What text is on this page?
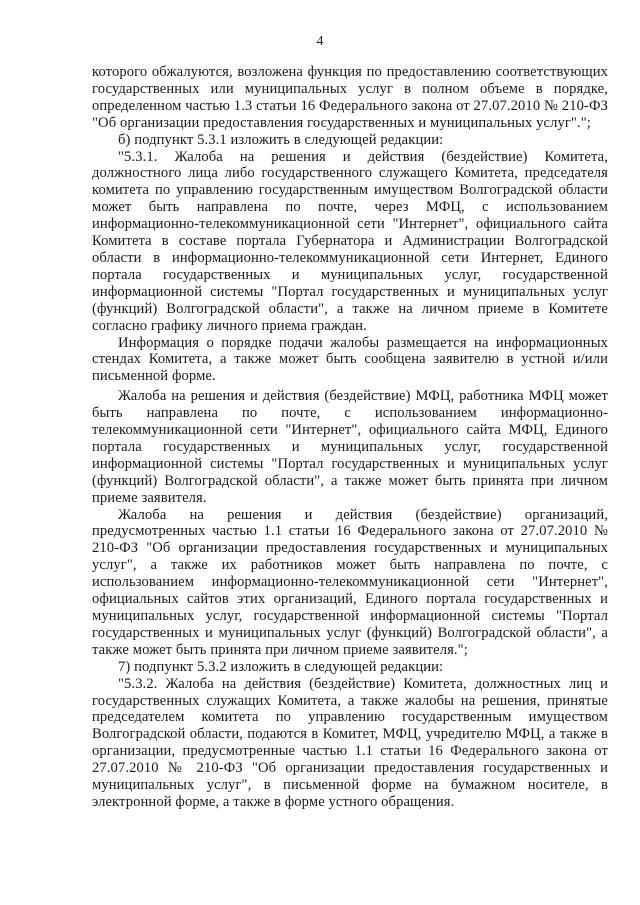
4

которого обжалуются, возложена функция по предоставлению соответствующих государственных или муниципальных услуг в полном объеме в порядке, определенном частью 1.3 статьи 16 Федерального закона от 27.07.2010 № 210-ФЗ "Об организации предоставления государственных и муниципальных услуг".";

б) подпункт 5.3.1 изложить в следующей редакции:

"5.3.1. Жалоба на решения и действия (бездействие) Комитета, должностного лица либо государственного служащего Комитета, председателя комитета по управлению государственным имуществом Волгоградской области может быть направлена по почте, через МФЦ, с использованием информационно-телекоммуникационной сети "Интернет", официального сайта Комитета в составе портала Губернатора и Администрации Волгоградской области в информационно-телекоммуникационной сети Интернет, Единого портала государственных и муниципальных услуг, государственной информационной системы "Портал государственных и муниципальных услуг (функций) Волгоградской области", а также на личном приеме в Комитете согласно графику личного приема граждан.

Информация о порядке подачи жалобы размещается на информационных стендах Комитета, а также может быть сообщена заявителю в устной и/или письменной форме.

Жалоба на решения и действия (бездействие) МФЦ, работника МФЦ может быть направлена по почте, с использованием информационно-телекоммуникационной сети "Интернет", официального сайта МФЦ, Единого портала государственных и муниципальных услуг, государственной информационной системы "Портал государственных и муниципальных услуг (функций) Волгоградской области", а также может быть принята при личном приеме заявителя.

Жалоба на решения и действия (бездействие) организаций, предусмотренных частью 1.1 статьи 16 Федерального закона от 27.07.2010 № 210-ФЗ "Об организации предоставления государственных и муниципальных услуг", а также их работников может быть направлена по почте, с использованием информационно-телекоммуникационной сети "Интернет", официальных сайтов этих организаций, Единого портала государственных и муниципальных услуг, государственной информационной системы "Портал государственных и муниципальных услуг (функций) Волгоградской области", а также может быть принята при личном приеме заявителя.";

7) подпункт 5.3.2 изложить в следующей редакции:

"5.3.2. Жалоба на действия (бездействие) Комитета, должностных лиц и государственных служащих Комитета, а также жалобы на решения, принятые председателем комитета по управлению государственным имуществом Волгоградской области, подаются в Комитет, МФЦ, учредителю МФЦ, а также в организации, предусмотренные частью 1.1 статьи 16 Федерального закона от 27.07.2010 № 210-ФЗ "Об организации предоставления государственных и муниципальных услуг", в письменной форме на бумажном носителе, в электронной форме, а также в форме устного обращения.
